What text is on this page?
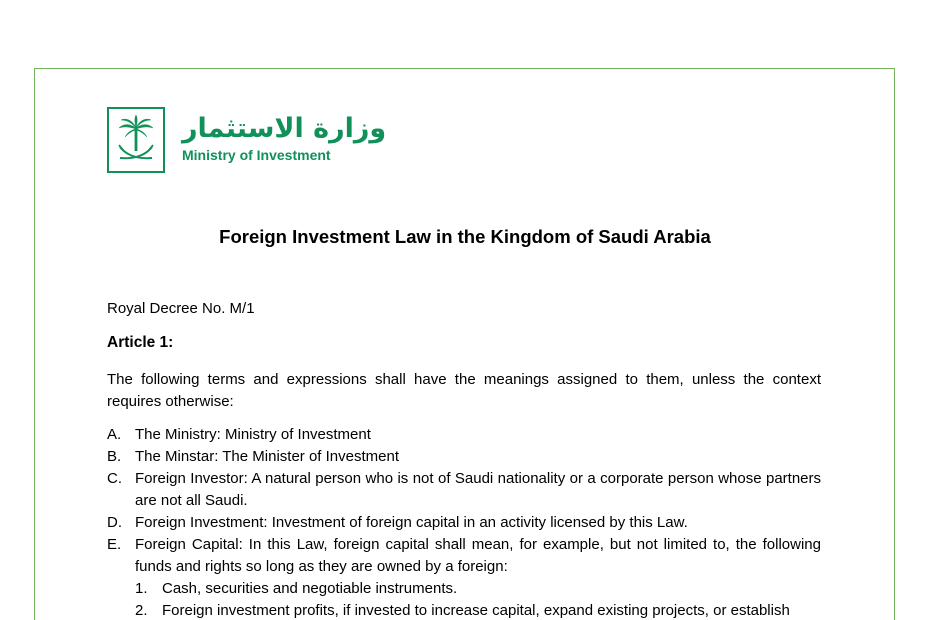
وزارة الاستثمار
Ministry of Investment
Foreign Investment Law in the Kingdom of Saudi Arabia

Royal Decree No. M/1

Article 1:

The following terms and expressions shall have the meanings assigned to them, unless the context requires otherwise:

A. The Ministry: Ministry of Investment
B. The Minstar: The Minister of Investment
C. Foreign Investor: A natural person who is not of Saudi nationality or a corporate person whose partners are not all Saudi.
D. Foreign Investment: Investment of foreign capital in an activity licensed by this Law.
E. Foreign Capital: In this Law, foreign capital shall mean, for example, but not limited to, the following funds and rights so long as they are owned by a foreign:
1. Cash, securities and negotiable instruments.
2. Foreign investment profits, if invested to increase capital, expand existing projects, or establish
